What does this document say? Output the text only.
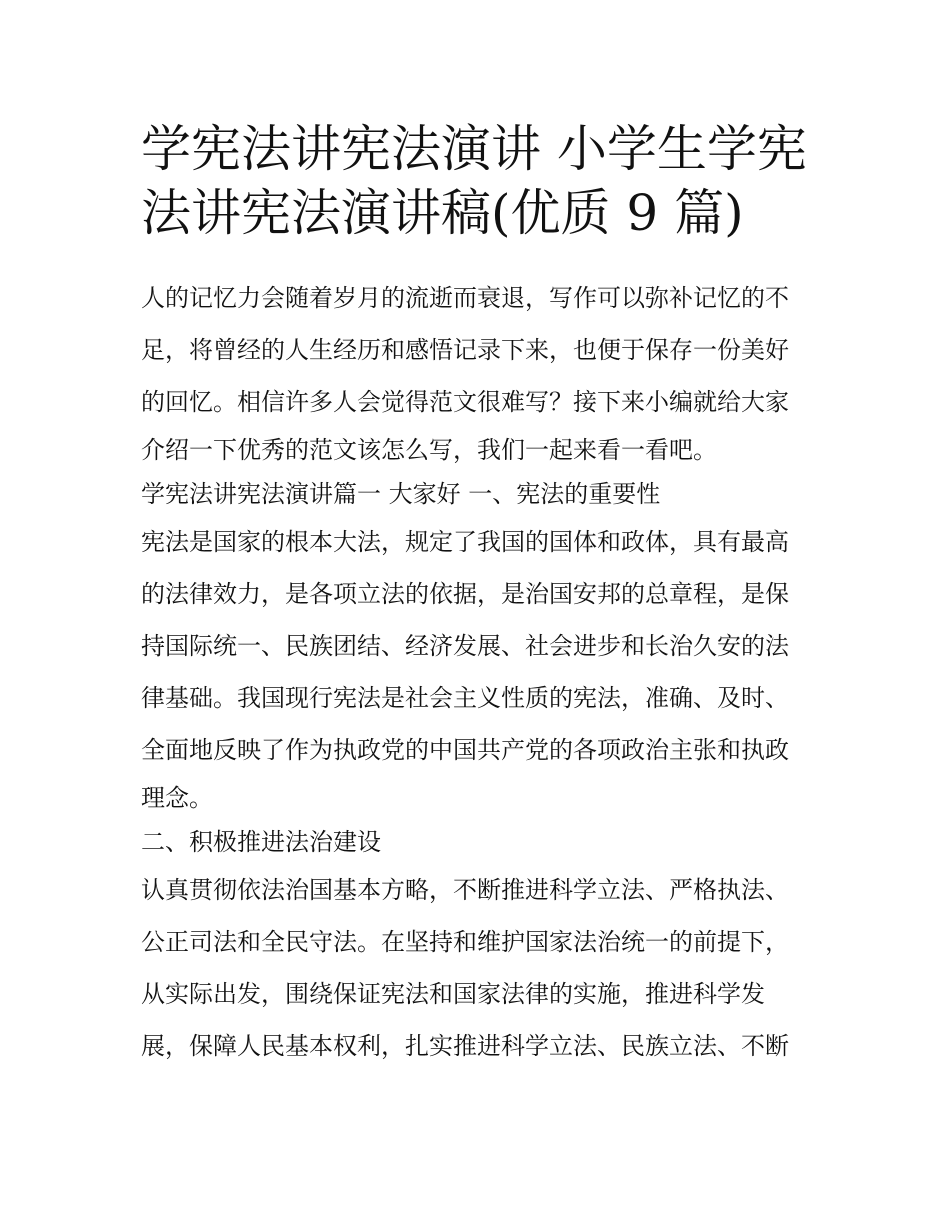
学宪法讲宪法演讲 小学生学宪
法讲宪法演讲稿(优质 9 篇)
人的记忆力会随着岁月的流逝而衰退，写作可以弥补记忆的不
足，将曾经的人生经历和感悟记录下来，也便于保存一份美好
的回忆。相信许多人会觉得范文很难写？接下来小编就给大家
介绍一下优秀的范文该怎么写，我们一起来看一看吧。
学宪法讲宪法演讲篇一 大家好 一、宪法的重要性
宪法是国家的根本大法，规定了我国的国体和政体，具有最高
的法律效力，是各项立法的依据，是治国安邦的总章程，是保
持国际统一、民族团结、经济发展、社会进步和长治久安的法
律基础。我国现行宪法是社会主义性质的宪法，准确、及时、
全面地反映了作为执政党的中国共产党的各项政治主张和执政
理念。
二、积极推进法治建设
认真贯彻依法治国基本方略，不断推进科学立法、严格执法、
公正司法和全民守法。在坚持和维护国家法治统一的前提下，
从实际出发，围绕保证宪法和国家法律的实施，推进科学发
展，保障人民基本权利，扎实推进科学立法、民族立法、不断
